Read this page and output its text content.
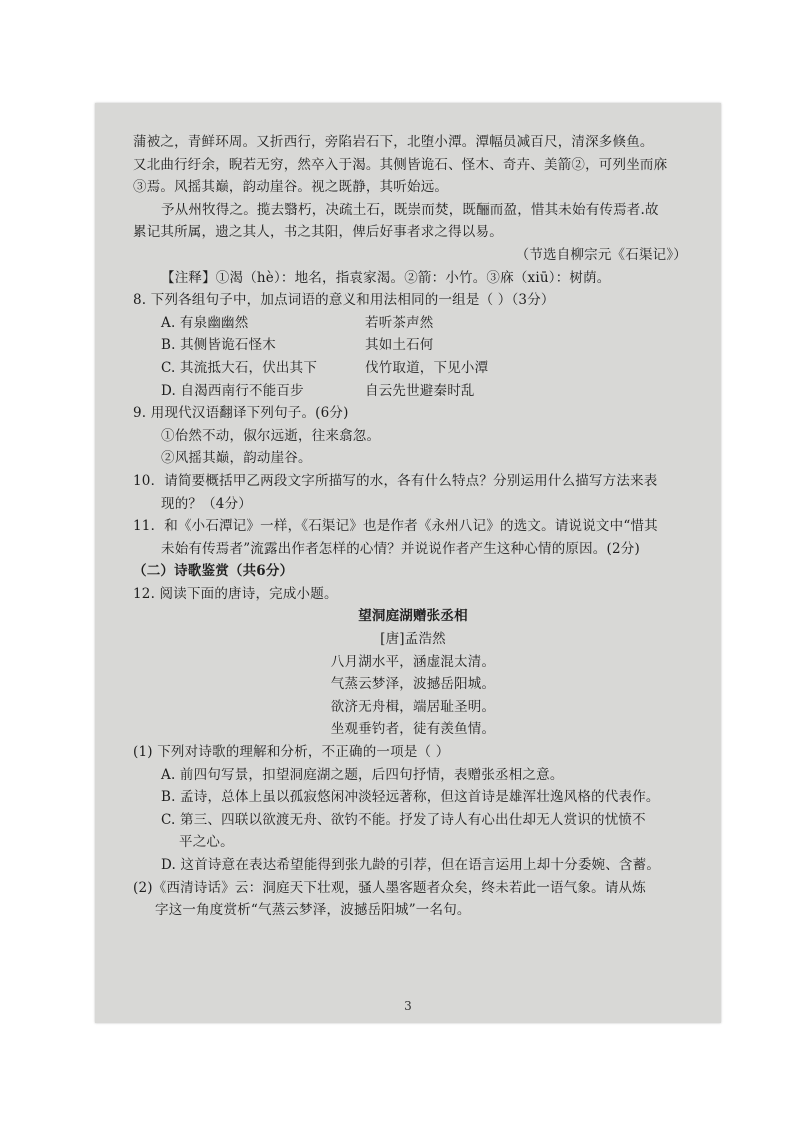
蒲被之，青鲜环周。又折西行，旁陷岩石下，北堕小潭。潭幅员减百尺，清深多倏鱼。
又北曲行纡余，睨若无穷，然卒入于渴。其侧皆诡石、怪木、奇卉、美箭②，可列坐而庥
③焉。风摇其巅，韵动崖谷。视之既静，其听始远。
予从州牧得之。揽去翳朽，决疏土石，既崇而焚，既酾而盈，惜其未始有传焉者.故
累记其所属，遗之其人，书之其阳，俾后好事者求之得以易。
（节选自柳宗元《石渠记》）
【注释】①渴（hè）：地名，指袁家渴。②箭：小竹。③庥（xiū）：树荫。
8. 下列各组句子中，加点词语的意义和用法相同的一组是（ ）（3分）
A. 有泉幽幽然	若听茶声然
B. 其侧皆诡石怪木	其如土石何
C. 其流抵大石，伏出其下	伐竹取道，下见小潭
D. 自渴西南行不能百步	自云先世避秦时乱
9. 用现代汉语翻译下列句子。(6分)
①佁然不动，俶尔远逝，往来翕忽。
②风摇其巅，韵动崖谷。
10．请简要概括甲乙两段文字所描写的水，各有什么特点？分别运用什么描写方法来表
现的？（4分）
11．和《小石潭记》一样，《石渠记》也是作者《永州八记》的选文。请说说文中“惜其
未始有传焉者”流露出作者怎样的心情？并说说作者产生这种心情的原因。(2分)
（二）诗歌鉴赏（共6分）
12. 阅读下面的唐诗，完成小题。
望洞庭湖赠张丞相
[唐]孟浩然
八月湖水平，涵虚混太清。
气蒸云梦泽，波撼岳阳城。
欲济无舟楫，端居耻圣明。
坐观垂钓者，徒有羡鱼情。
(1) 下列对诗歌的理解和分析，不正确的一项是（ ）
A. 前四句写景，扣望洞庭湖之题，后四句抒情，表赠张丞相之意。
B. 孟诗，总体上虽以孤寂悠闲冲淡轻远著称，但这首诗是雄浑壮逸风格的代表作。
C. 第三、四联以欲渡无舟、欲钓不能。抒发了诗人有心出仕却无人赏识的忧愤不
平之心。
D. 这首诗意在表达希望能得到张九龄的引荐，但在语言运用上却十分委婉、含蓄。
(2)《西清诗话》云：洞庭天下壮观，骚人墨客题者众矣，终未若此一语气象。请从炼
字这一角度赏析“气蒸云梦泽，波撼岳阳城”一名句。
3
